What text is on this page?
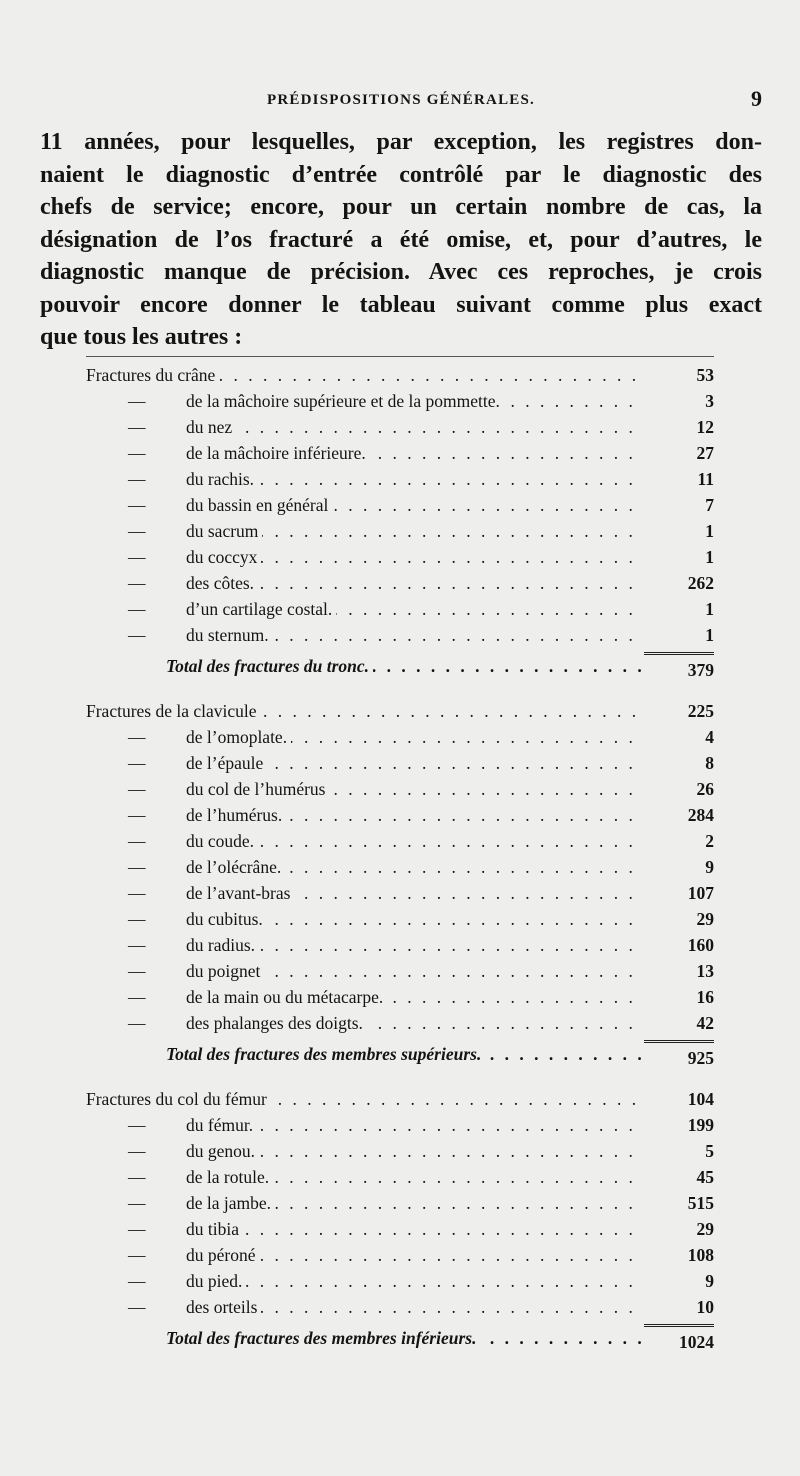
PRÉDISPOSITIONS GÉNÉRALES.	9
11 années, pour lesquelles, par exception, les registres don-
naient le diagnostic d’entrée contrôlé par le diagnostic des
chefs de service; encore, pour un certain nombre de cas, la
désignation de l’os fracturé a été omise, et, pour d’autres, le
diagnostic manque de précision. Avec ces reproches, je crois
pouvoir encore donner le tableau suivant comme plus exact
que tous les autres :
Fractures du crâne . . .	53
— de la mâchoire supérieure et de la pommette. . . .	3
— du nez . . .	12
— de la mâchoire inférieure. . . .	27
— du rachis. . . .	11
— du bassin en général . . .	7
— du sacrum . . .	1
— du coccyx . . .	1
— des côtes. . . .	262
— d’un cartilage costal. . . .	1
— du sternum. . . .	1
Total des fractures du tronc. . . .	379
Fractures de la clavicule . . .	225
— de l’omoplate. . . .	4
— de l’épaule . . .	8
— du col de l’humérus . . .	26
— de l’humérus. . . .	284
— du coude. . . .	2
— de l’olécrâne. . . .	9
— de l’avant-bras . . .	107
— du cubitus. . . .	29
— du radius. . . .	160
— du poignet . . .	13
— de la main ou du métacarpe. . . .	16
— des phalanges des doigts. . . .	42
Total des fractures des membres supérieurs. . . .	925
Fractures du col du fémur . . .	104
— du fémur. . . .	199
— du genou. . . .	5
— de la rotule. . . .	45
— de la jambe. . . .	515
— du tibia . . .	29
— du péroné . . .	108
— du pied. . . .	9
— des orteils . . .	10
Total des fractures des membres inférieurs. . . .	1024
